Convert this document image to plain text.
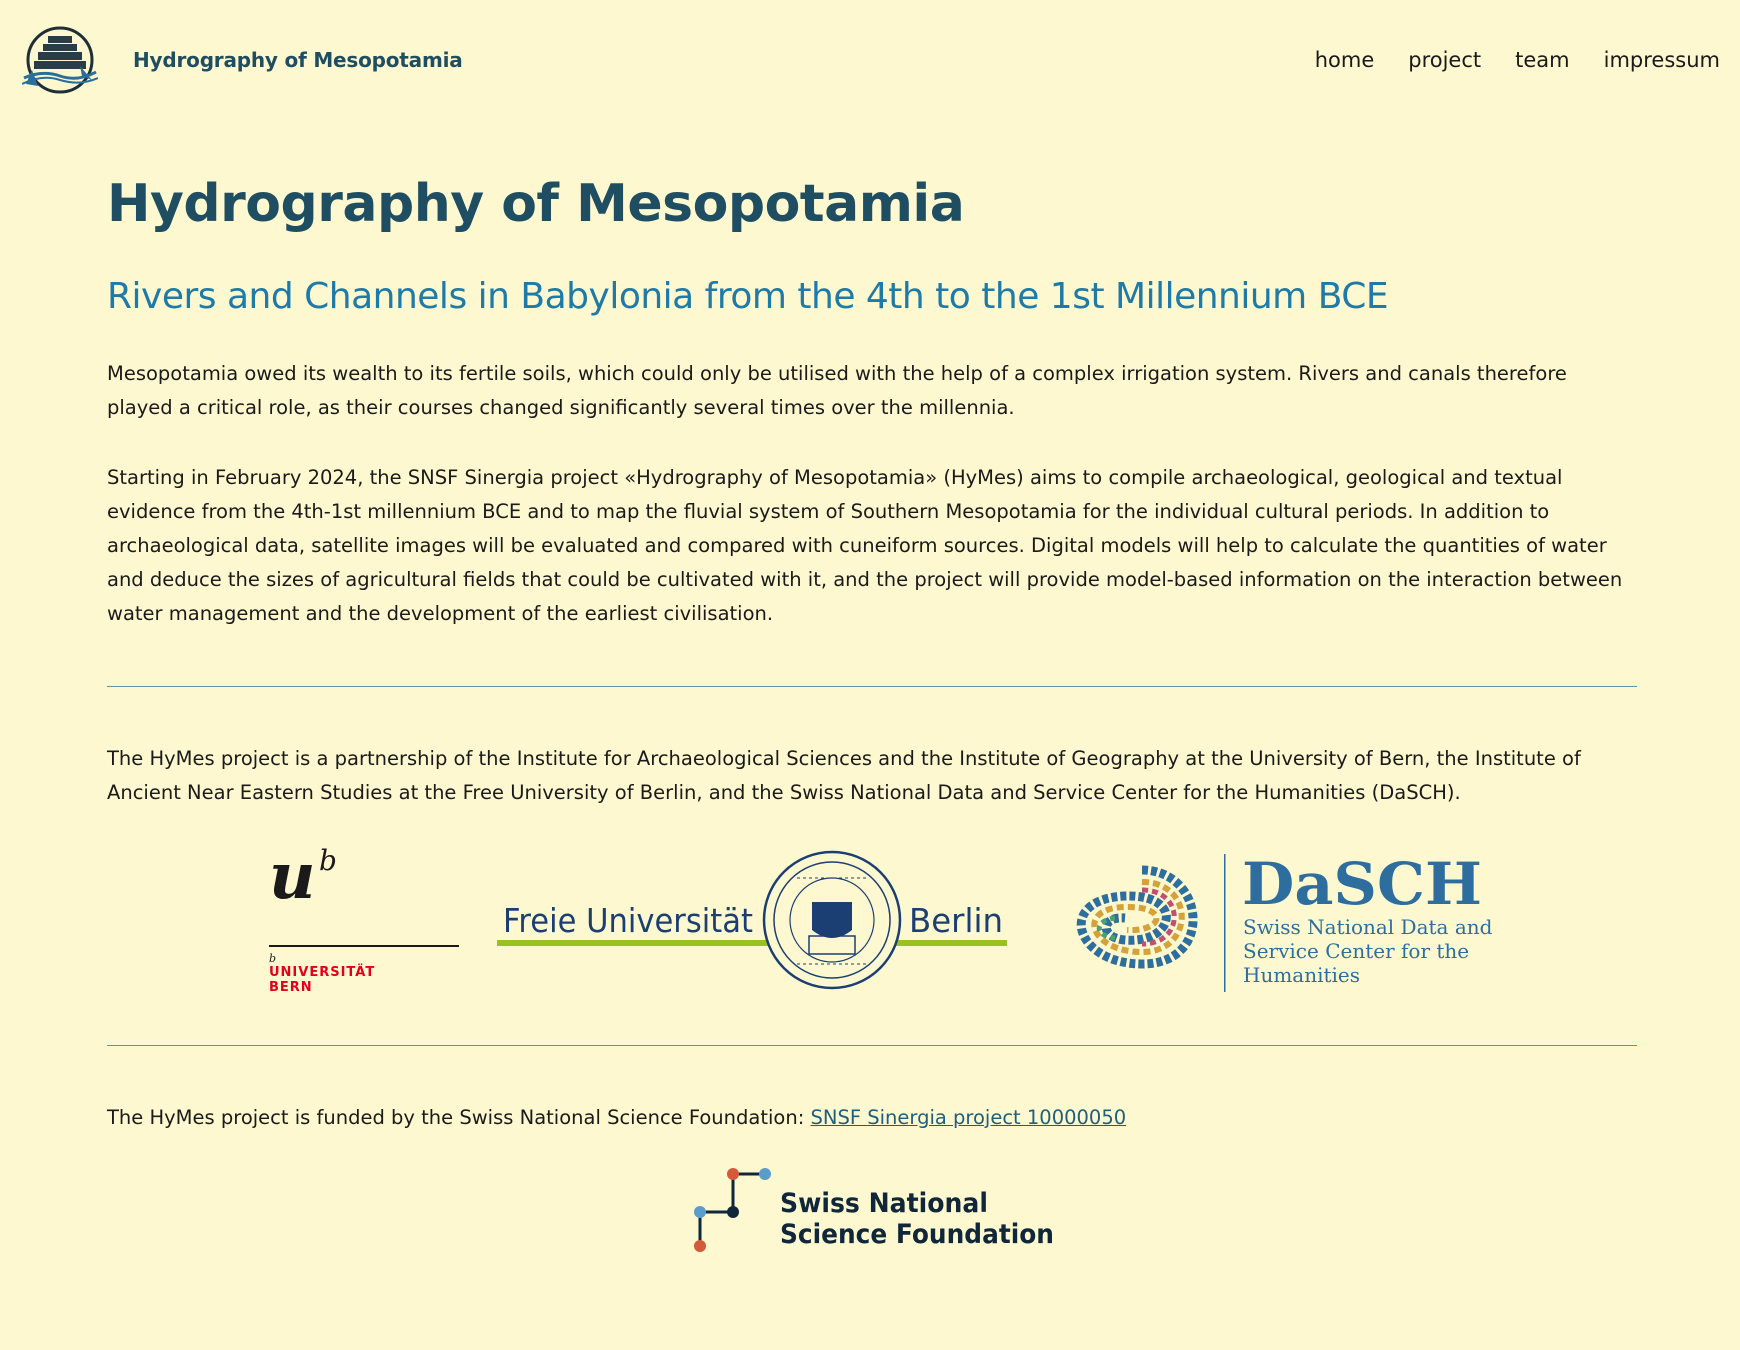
Hydrography of Mesopotamia	home project team impressum
Hydrography of Mesopotamia
Rivers and Channels in Babylonia from the 4th to the 1st Millennium BCE

Mesopotamia owed its wealth to its fertile soils, which could only be utilised with the help of a complex irrigation system. Rivers and canals therefore played a critical role, as their courses changed significantly several times over the millennia.

Starting in February 2024, the SNSF Sinergia project «Hydrography of Mesopotamia» (HyMes) aims to compile archaeological, geological and textual evidence from the 4th-1st millennium BCE and to map the fluvial system of Southern Mesopotamia for the individual cultural periods. In addition to archaeological data, satellite images will be evaluated and compared with cuneiform sources. Digital models will help to calculate the quantities of water and deduce the sizes of agricultural fields that could be cultivated with it, and the project will provide model-based information on the interaction between water management and the development of the earliest civilisation.

The HyMes project is a partnership of the Institute for Archaeological Sciences and the Institute of Geography at the University of Bern, the Institute of Ancient Near Eastern Studies at the Free University of Berlin, and the Swiss National Data and Service Center for the Humanities (DaSCH).

u b
b
UNIVERSITÄT
BERN
Freie Universität	Berlin
DaSCH
Swiss National Data and
Service Center for the
Humanities

The HyMes project is funded by the Swiss National Science Foundation: SNSF Sinergia project 10000050

Swiss National
Science Foundation
